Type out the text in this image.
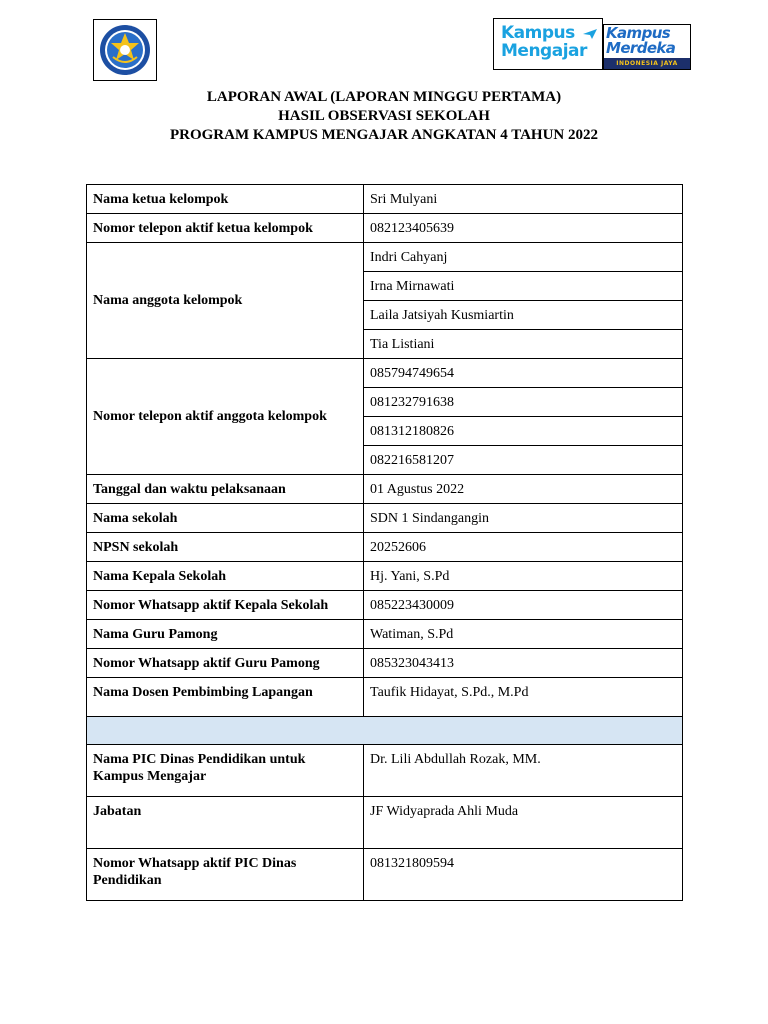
Kampus
Mengajar
Kampus
Merdeka
INDONESIA JAYA
LAPORAN AWAL (LAPORAN MINGGU PERTAMA)
HASIL OBSERVASI SEKOLAH
PROGRAM KAMPUS MENGAJAR ANGKATAN 4 TAHUN 2022
Nama ketua kelompok	Sri Mulyani
Nomor telepon aktif ketua kelompok	082123405639
Nama anggota kelompok	Indri Cahyanj
	Irna Mirnawati
	Laila Jatsiyah Kusmiartin
	Tia Listiani
Nomor telepon aktif anggota kelompok	085794749654
	081232791638
	081312180826
	082216581207
Tanggal dan waktu pelaksanaan	01 Agustus 2022
Nama sekolah	SDN 1 Sindangangin
NPSN sekolah	20252606
Nama Kepala Sekolah	Hj. Yani, S.Pd
Nomor Whatsapp aktif Kepala Sekolah	085223430009
Nama Guru Pamong	Watiman, S.Pd
Nomor Whatsapp aktif Guru Pamong	085323043413
Nama Dosen Pembimbing Lapangan	Taufik Hidayat, S.Pd., M.Pd

Nama PIC Dinas Pendidikan untuk Kampus Mengajar	Dr. Lili Abdullah Rozak, MM.
Jabatan	JF Widyaprada Ahli Muda
Nomor Whatsapp aktif PIC Dinas Pendidikan	081321809594
